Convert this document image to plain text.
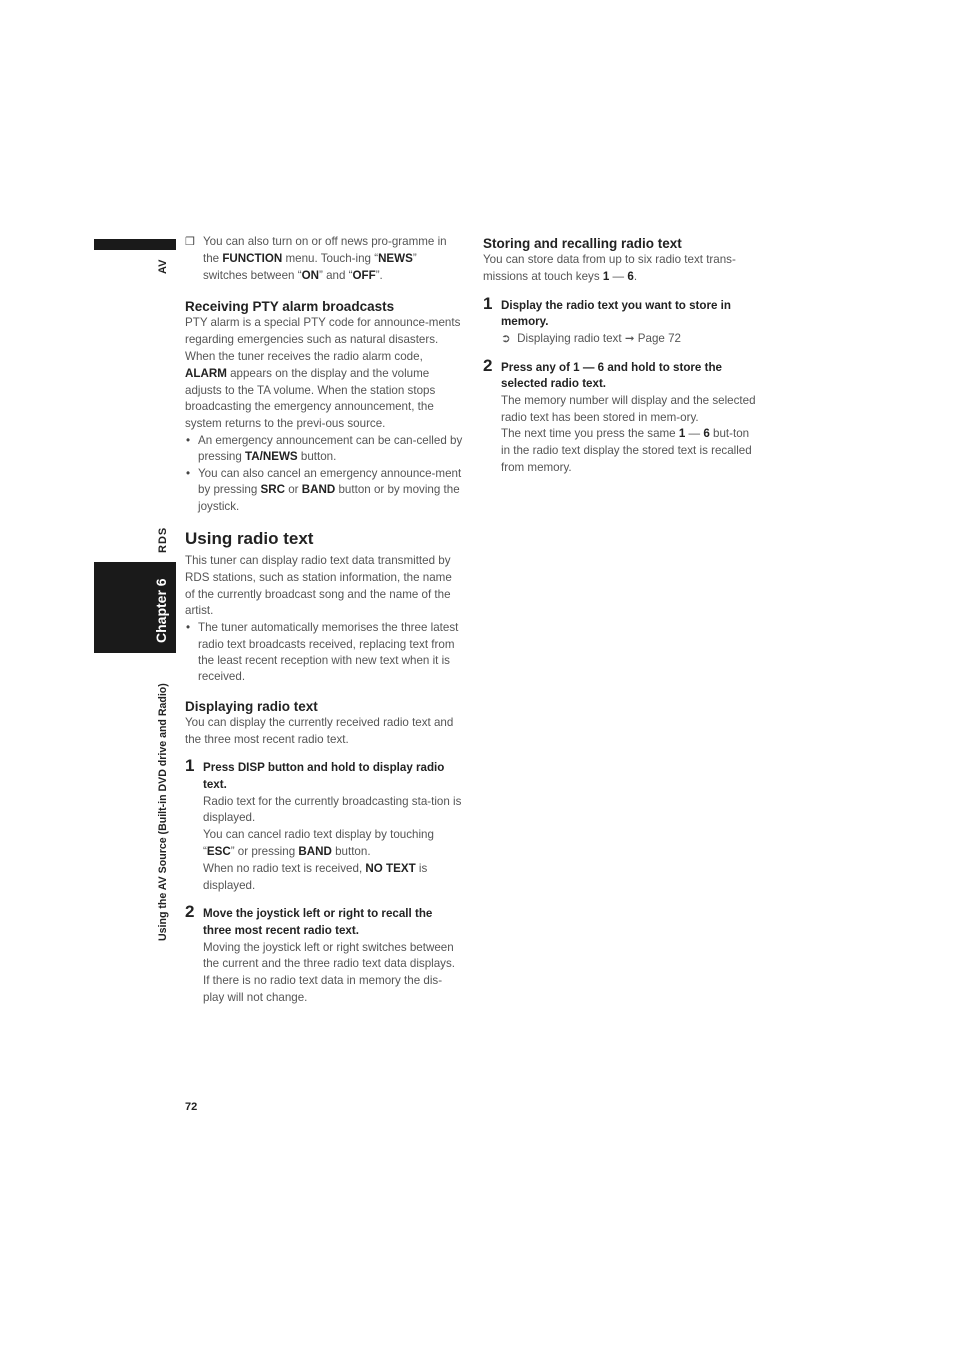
AV
RDS
Chapter 6
Using the AV Source (Built-in DVD drive and Radio)
❒ You can also turn on or off news pro-gramme in the FUNCTION menu. Touch-ing “NEWS” switches between “ON” and “OFF”.

Receiving PTY alarm broadcasts

PTY alarm is a special PTY code for announce-ments regarding emergencies such as natural disasters. When the tuner receives the radio alarm code, ALARM appears on the display and the volume adjusts to the TA volume. When the station stops broadcasting the emergency announcement, the system returns to the previ-ous source.

• An emergency announcement can be can-celled by pressing TA/NEWS button.
• You can also cancel an emergency announce-ment by pressing SRC or BAND button or by moving the joystick.
Using radio text

This tuner can display radio text data transmitted by RDS stations, such as station information, the name of the currently broadcast song and the name of the artist.

• The tuner automatically memorises the three latest radio text broadcasts received, replacing text from the least recent reception with new text when it is received.
Displaying radio text

You can display the currently received radio text and the three most recent radio text.

1 Press DISP button and hold to display radio text.

Radio text for the currently broadcasting sta-tion is displayed.

You can cancel radio text display by touching “ESC” or pressing BAND button.

When no radio text is received, NO TEXT is displayed.

2 Move the joystick left or right to recall the three most recent radio text.

Moving the joystick left or right switches between the current and the three radio text data displays.

If there is no radio text data in memory the dis-play will not change.

Storing and recalling radio text

You can store data from up to six radio text trans-missions at touch keys 1 — 6.

1 Display the radio text you want to store in memory.

➲ Displaying radio text ➞ Page 72

2 Press any of 1 — 6 and hold to store the selected radio text.

The memory number will display and the selected radio text has been stored in mem-ory.

The next time you press the same 1 — 6 but-ton in the radio text display the stored text is recalled from memory.

72
